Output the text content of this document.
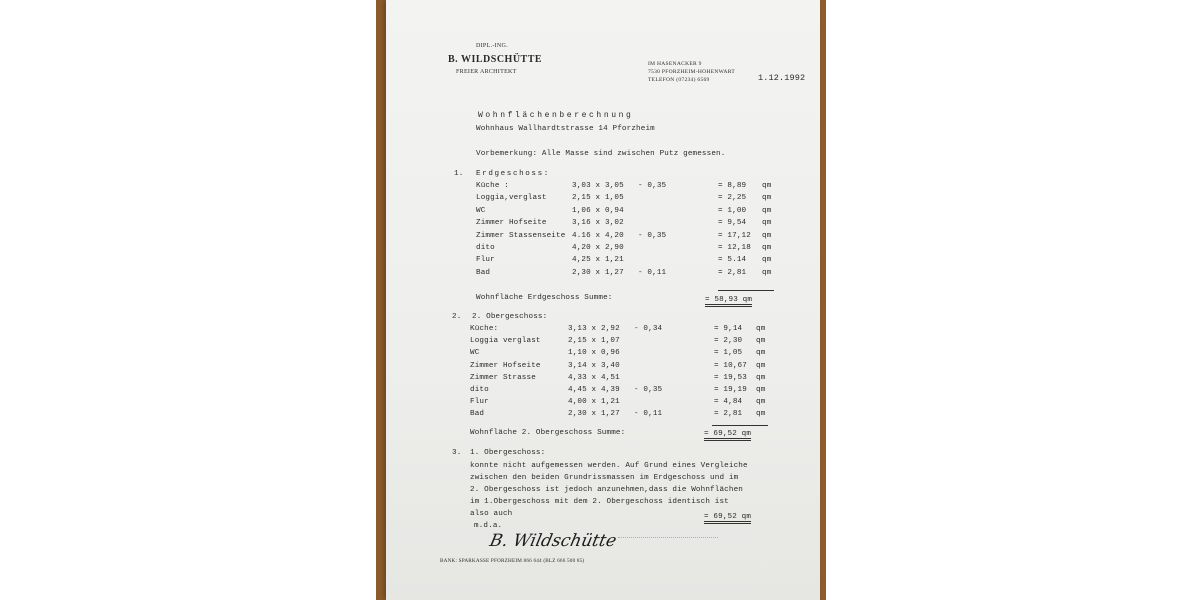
DIPL.-ING.
B. WILDSCHÜTTE
FREIER ARCHITEKT
IM HASENACKER 9
7530 PFORZHEIM-HOHENWART
TELEFON (07234) 6569	1.12.1992
Wohnflächenberechnung
Wohnhaus Wallhardtstrasse 14 Pforzheim
Vorbemerkung: Alle Masse sind zwischen Putz gemessen.
1. Erdgeschoss:
Küche :	3,03 x 3,05 - 0,35	= 8,89 qm
Loggia,verglast	2,15 x 1,05	= 2,25 qm
WC	1,06 x 0,94	= 1,00 qm
Zimmer Hofseite	3,16 x 3,02	= 9,54 qm
Zimmer Stassenseite 4.16 x 4,20 - 0,35	= 17,12 qm
dito	4,20 x 2,90	= 12,18 qm
Flur	4,25 x 1,21	= 5.14 qm
Bad	2,30 x 1,27 - 0,11	= 2,81 qm
Wohnfläche Erdgeschoss Summe:	= 58,93 qm
2. 2. Obergeschoss:
Küche:	3,13 x 2,92 - 0,34	= 9,14 qm
Loggia verglast	2,15 x 1,07	= 2,30 qm
WC	1,10 x 0,96	= 1,05 qm
Zimmer Hofseite	3,14 x 3,40	= 10,67 qm
Zimmer Strasse	4,33 x 4,51	= 19,53 qm
dito	4,45 x 4,39 - 0,35	= 19,19 qm
Flur	4,00 x 1,21	= 4,84 qm
Bad	2,30 x 1,27 - 0,11	= 2,81 qm
Wohnfläche 2. Obergeschoss Summe:	= 69,52 qm
3. 1. Obergeschoss:
konnte nicht aufgemessen werden. Auf Grund eines Vergleiche
zwischen den beiden Grundrissmassen im Erdgeschoss und im
2. Obergeschoss ist jedoch anzunehmen,dass die Wohnflächen
im 1.Obergeschoss mit dem 2. Obergeschoss identisch ist
also auch	= 69,52 qm
m.d.a.
B. Wildschütte
BANK: SPARKASSE PFORZHEIM 866 644 (BLZ 666 500 85)
